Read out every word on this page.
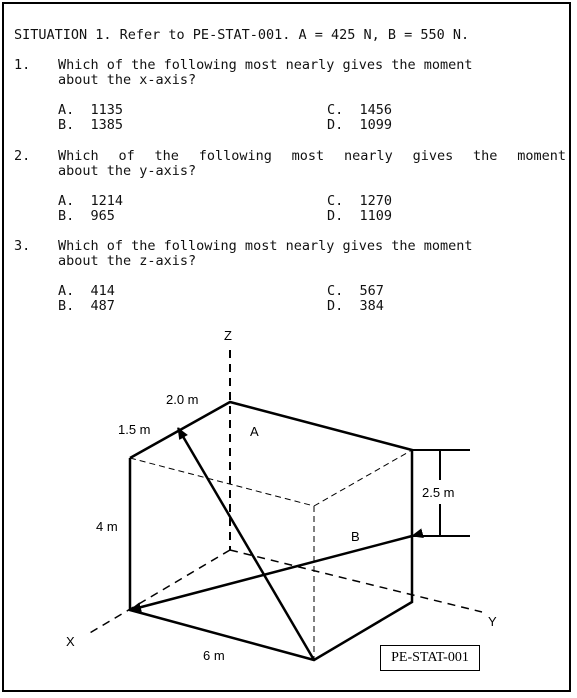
SITUATION 1. Refer to PE-STAT-001. A = 425 N, B = 550 N.
1. Which of the following most nearly gives the moment
about the x-axis?
A.  1135
B.  1385
C.  1456
D.  1099
2. Which of the following most nearly gives the moment
about the y-axis?
A.  1214
B.  965
C.  1270
D.  1109
3. Which of the following most nearly gives the moment
about the z-axis?
A.  414
B.  487
C.  567
D.  384
Z
X
Y
2.0 m
1.5 m
4 m
6 m
2.5 m
A
B
PE-STAT-001
